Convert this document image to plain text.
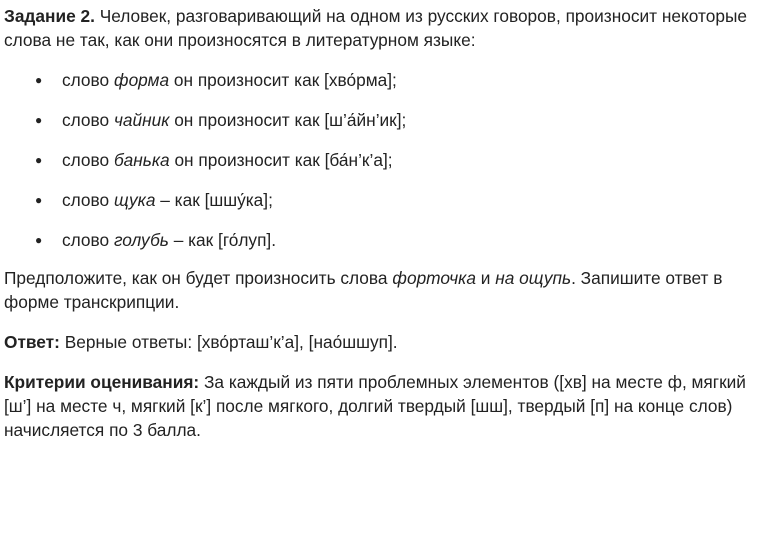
Задание 2. Человек, разговаривающий на одном из русских говоров, произносит некоторые слова не так, как они произносятся в литературном языке:

● слово форма он произносит как [хво́рма];
● слово чайник он произносит как [ш’а́йн’ик];
● слово банька он произносит как [ба́н’к’а];
● слово щука – как [шшу́ка];
● слово голубь – как [го́луп].

Предположите, как он будет произносить слова форточка и на ощупь. Запишите ответ в форме транскрипции.

Ответ: Верные ответы: [хво́рташ’к’а], [нао́шшуп].

Критерии оценивания: За каждый из пяти проблемных элементов ([хв] на месте ф, мягкий [ш’] на месте ч, мягкий [к’] после мягкого, долгий твердый [шш], твердый [п] на конце слов) начисляется по 3 балла.
